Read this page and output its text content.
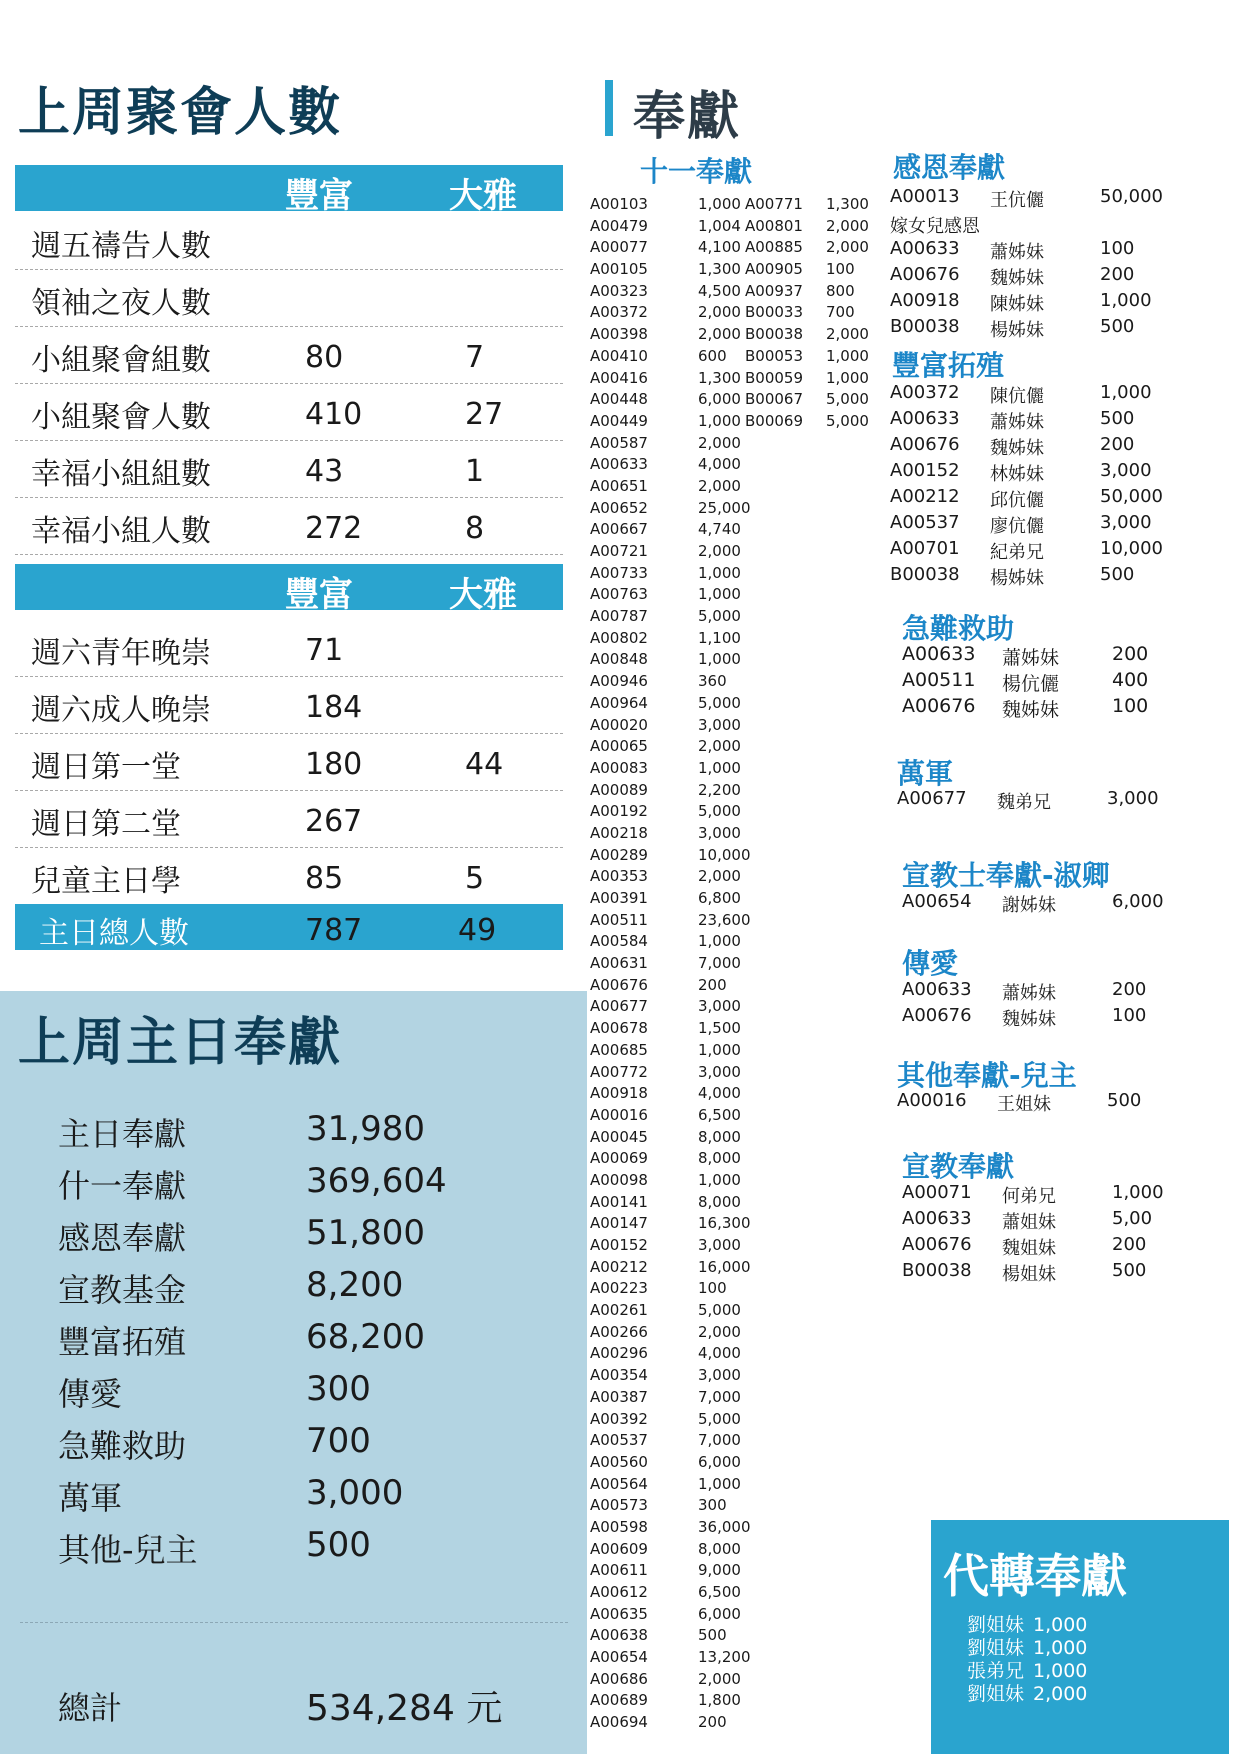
上周聚會人數
豐富	大雅
週五禱告人數
領袖之夜人數
小組聚會組數	80	7
小組聚會人數	410	27
幸福小組組數	43	1
幸福小組人數	272	8
豐富	大雅
週六青年晚崇	71
週六成人晚崇	184
週日第一堂	180	44
週日第二堂	267
兒童主日學	85	5
主日總人數	787	49
上周主日奉獻
主日奉獻	31,980
什一奉獻	369,604
感恩奉獻	51,800
宣教基金	8,200
豐富拓殖	68,200
傳愛	300
急難救助	700
萬軍	3,000
其他-兒主	500
總計	534,284 元
奉獻
十一奉獻
A00103	1,000 A00771 1,300
A00479	1,004 A00801 2,000
A00077	4,100 A00885 2,000
A00105	1,300 A00905 100
A00323	4,500 A00937 800
A00372	2,000 B00033 700
A00398	2,000 B00038 2,000
A00410	600 B00053 1,000
A00416	1,300 B00059 1,000
A00448	6,000 B00067 5,000
A00449	1,000 B00069 5,000
A00587	2,000
A00633	4,000
A00651	2,000
A00652	25,000
A00667	4,740
A00721	2,000
A00733	1,000
A00763	1,000
A00787	5,000
A00802	1,100
A00848	1,000
A00946	360
A00964	5,000
A00020	3,000
A00065	2,000
A00083	1,000
A00089	2,200
A00192	5,000
A00218	3,000
A00289	10,000
A00353	2,000
A00391	6,800
A00511	23,600
A00584	1,000
A00631	7,000
A00676	200
A00677	3,000
A00678	1,500
A00685	1,000
A00772	3,000
A00918	4,000
A00016	6,500
A00045	8,000
A00069	8,000
A00098	1,000
A00141	8,000
A00147	16,300
A00152	3,000
A00212	16,000
A00223	100
A00261	5,000
A00266	2,000
A00296	4,000
A00354	3,000
A00387	7,000
A00392	5,000
A00537	7,000
A00560	6,000
A00564	1,000
A00573	300
A00598	36,000
A00609	8,000
A00611	9,000
A00612	6,500
A00635	6,000
A00638	500
A00654	13,200
A00686	2,000
A00689	1,800
A00694	200
感恩奉獻
A00013 王伉儷	50,000
嫁女兒感恩
A00633 蕭姊妹	100
A00676 魏姊妹	200
A00918 陳姊妹	1,000
B00038 楊姊妹	500
豐富拓殖
A00372 陳伉儷	1,000
A00633 蕭姊妹	500
A00676 魏姊妹	200
A00152 林姊妹	3,000
A00212 邱伉儷	50,000
A00537 廖伉儷	3,000
A00701 紀弟兄	10,000
B00038 楊姊妹	500
急難救助
A00633 蕭姊妹	200
A00511 楊伉儷	400
A00676 魏姊妹	100
萬軍
A00677 魏弟兄	3,000
宣教士奉獻-淑卿
A00654 謝姊妹	6,000
傳愛
A00633 蕭姊妹	200
A00676 魏姊妹	100
其他奉獻-兒主
A00016 王姐妹	500
宣教奉獻
A00071 何弟兄	1,000
A00633 蕭姐妹	5,00
A00676 魏姐妹	200
B00038 楊姐妹	500
代轉奉獻
劉姐妹 1,000
劉姐妹 1,000
張弟兄 1,000
劉姐妹 2,000
